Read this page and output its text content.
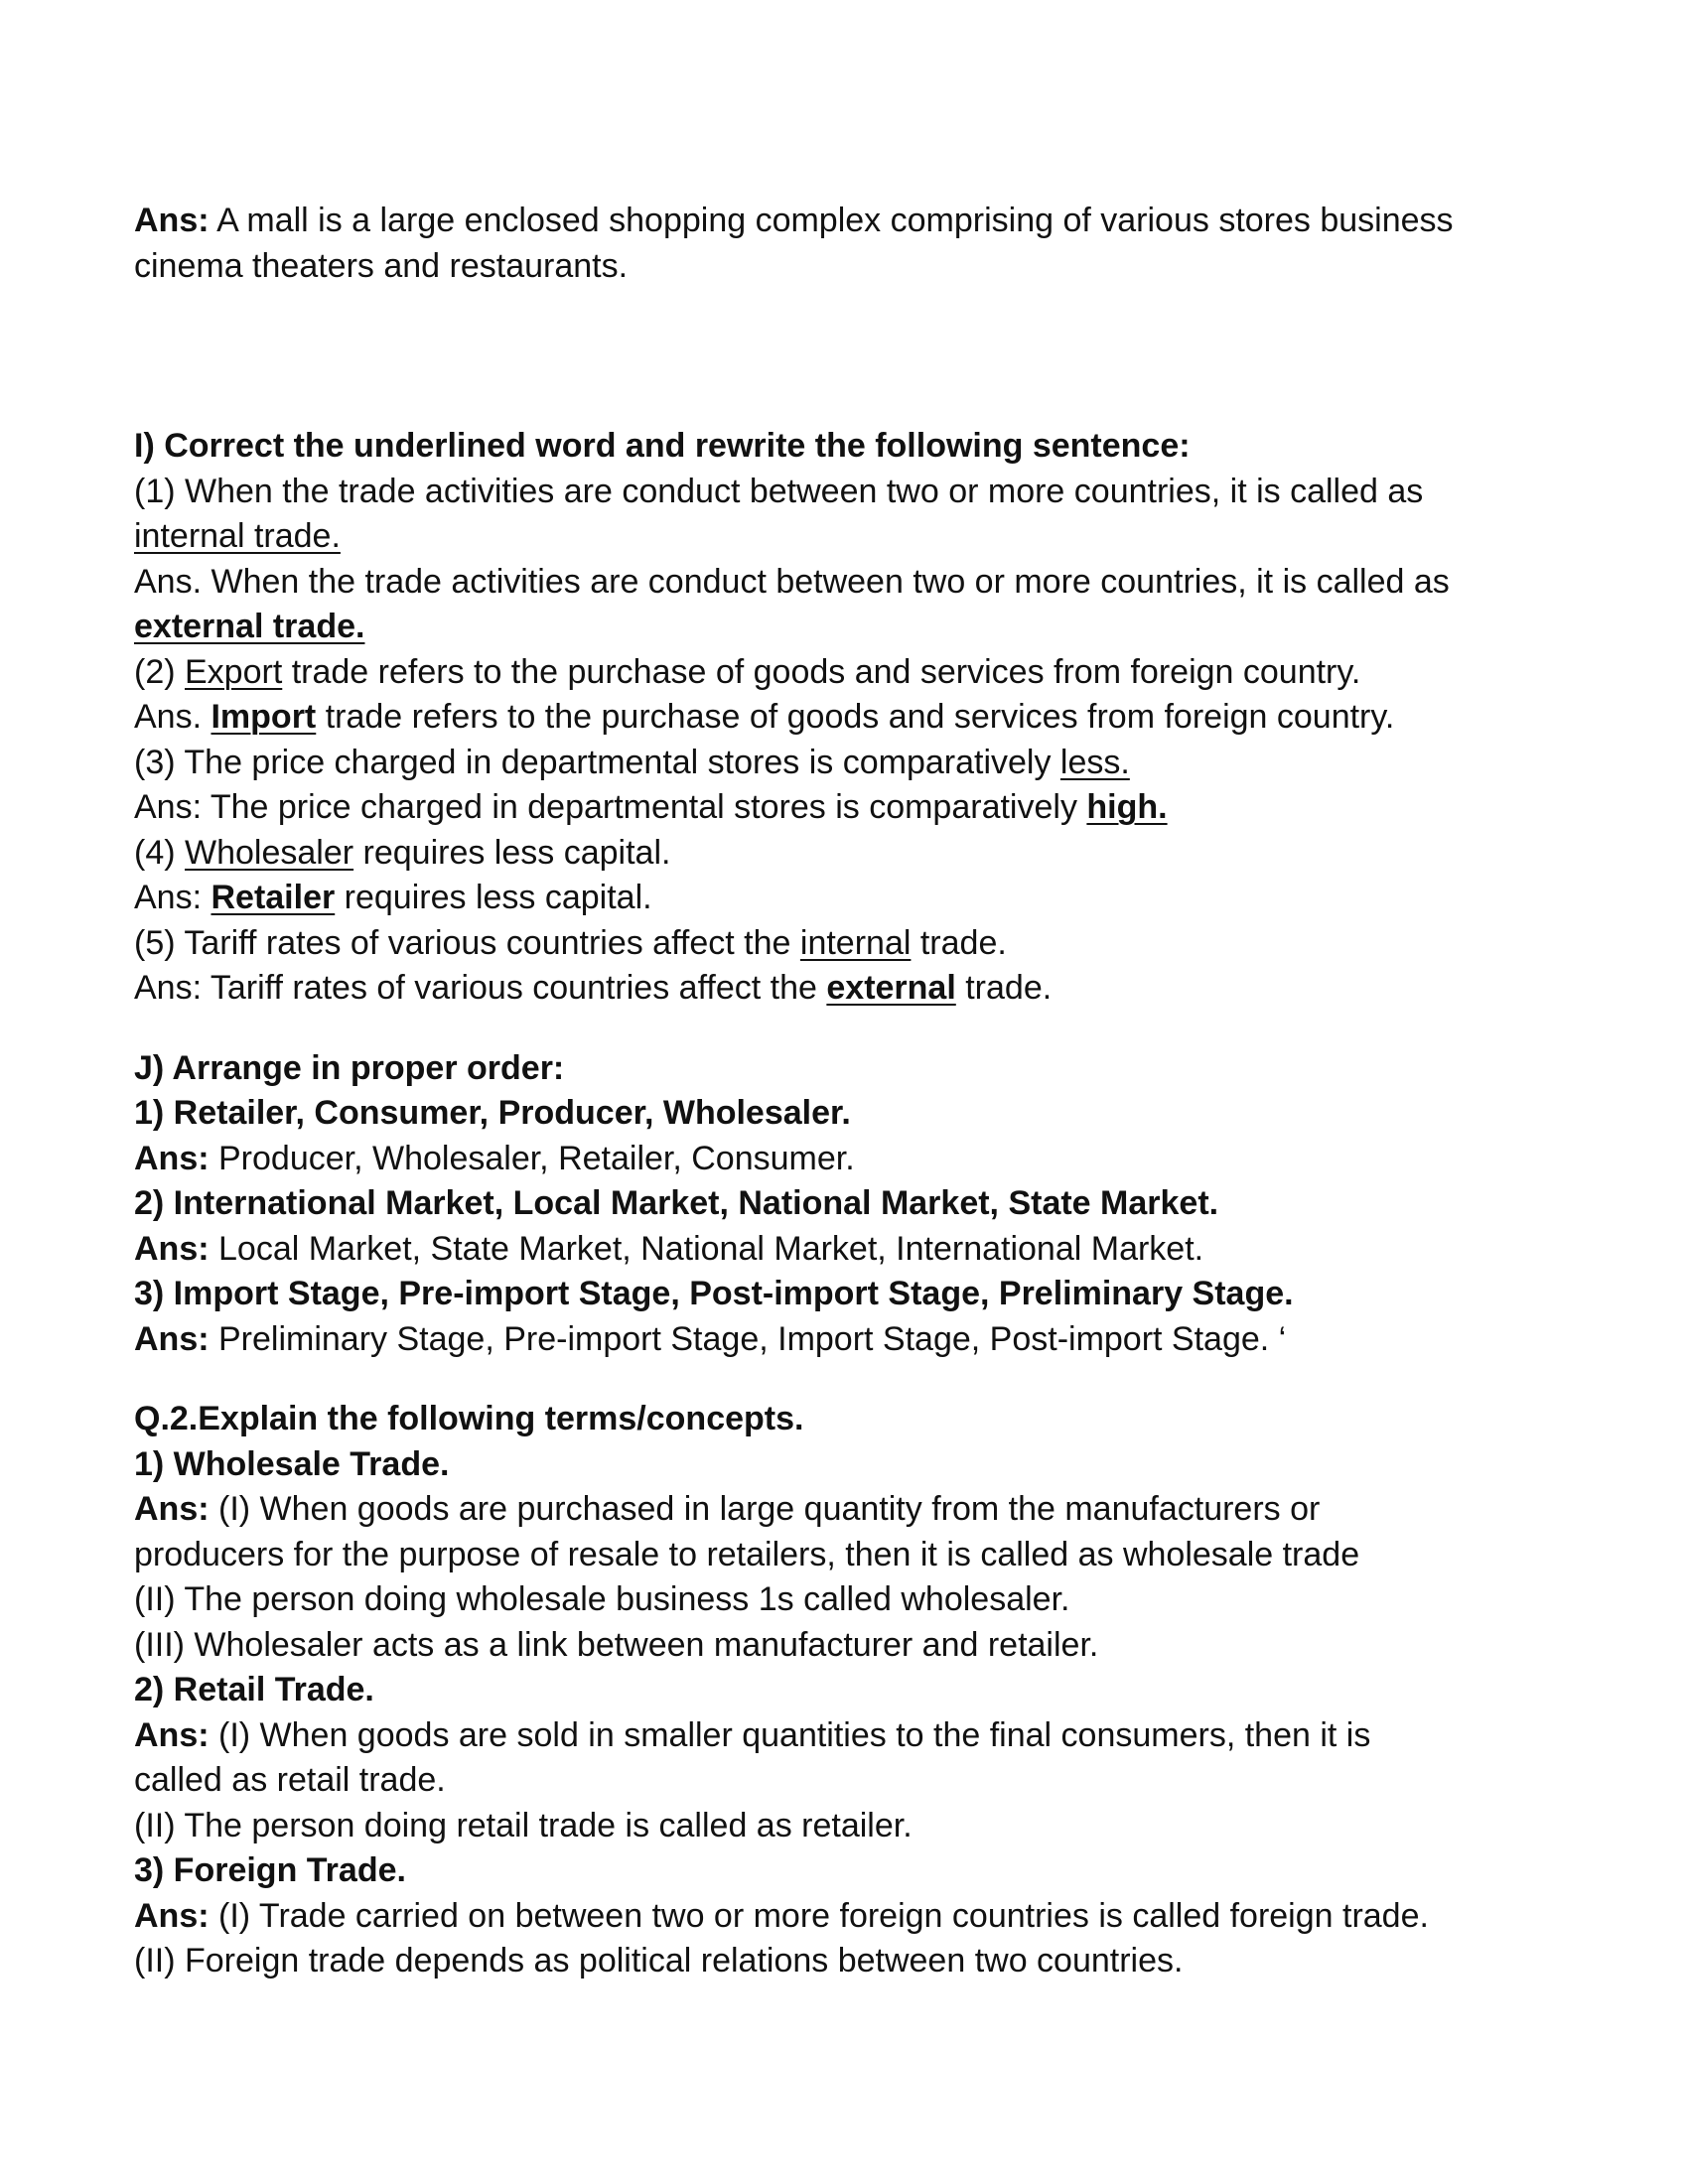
Ans: A mall is a large enclosed shopping complex comprising of various stores business
cinema theaters and restaurants.
I) Correct the underlined word and rewrite the following sentence:
(1) When the trade activities are conduct between two or more countries, it is called as
internal trade.
Ans. When the trade activities are conduct between two or more countries, it is called as
external trade.
(2) Export trade refers to the purchase of goods and services from foreign country.
Ans. Import trade refers to the purchase of goods and services from foreign country.
(3) The price charged in departmental stores is comparatively less.
Ans: The price charged in departmental stores is comparatively high.
(4) Wholesaler requires less capital.
Ans: Retailer requires less capital.
(5) Tariff rates of various countries affect the internal trade.
Ans: Tariff rates of various countries affect the external trade.
J) Arrange in proper order:
1) Retailer, Consumer, Producer, Wholesaler.
Ans: Producer, Wholesaler, Retailer, Consumer.
2) International Market, Local Market, National Market, State Market.
Ans: Local Market, State Market, National Market, International Market.
3) Import Stage, Pre-import Stage, Post-import Stage, Preliminary Stage.
Ans: Preliminary Stage, Pre-import Stage, Import Stage, Post-import Stage. ‘
Q.2.Explain the following terms/concepts.
1) Wholesale Trade.
Ans: (I) When goods are purchased in large quantity from the manufacturers or
producers for the purpose of resale to retailers, then it is called as wholesale trade
(II) The person doing wholesale business 1s called wholesaler.
(III) Wholesaler acts as a link between manufacturer and retailer.
2) Retail Trade.
Ans: (I) When goods are sold in smaller quantities to the final consumers, then it is
called as retail trade.
(II) The person doing retail trade is called as retailer.
3) Foreign Trade.
Ans: (I) Trade carried on between two or more foreign countries is called foreign trade.
(II) Foreign trade depends as political relations between two countries.
